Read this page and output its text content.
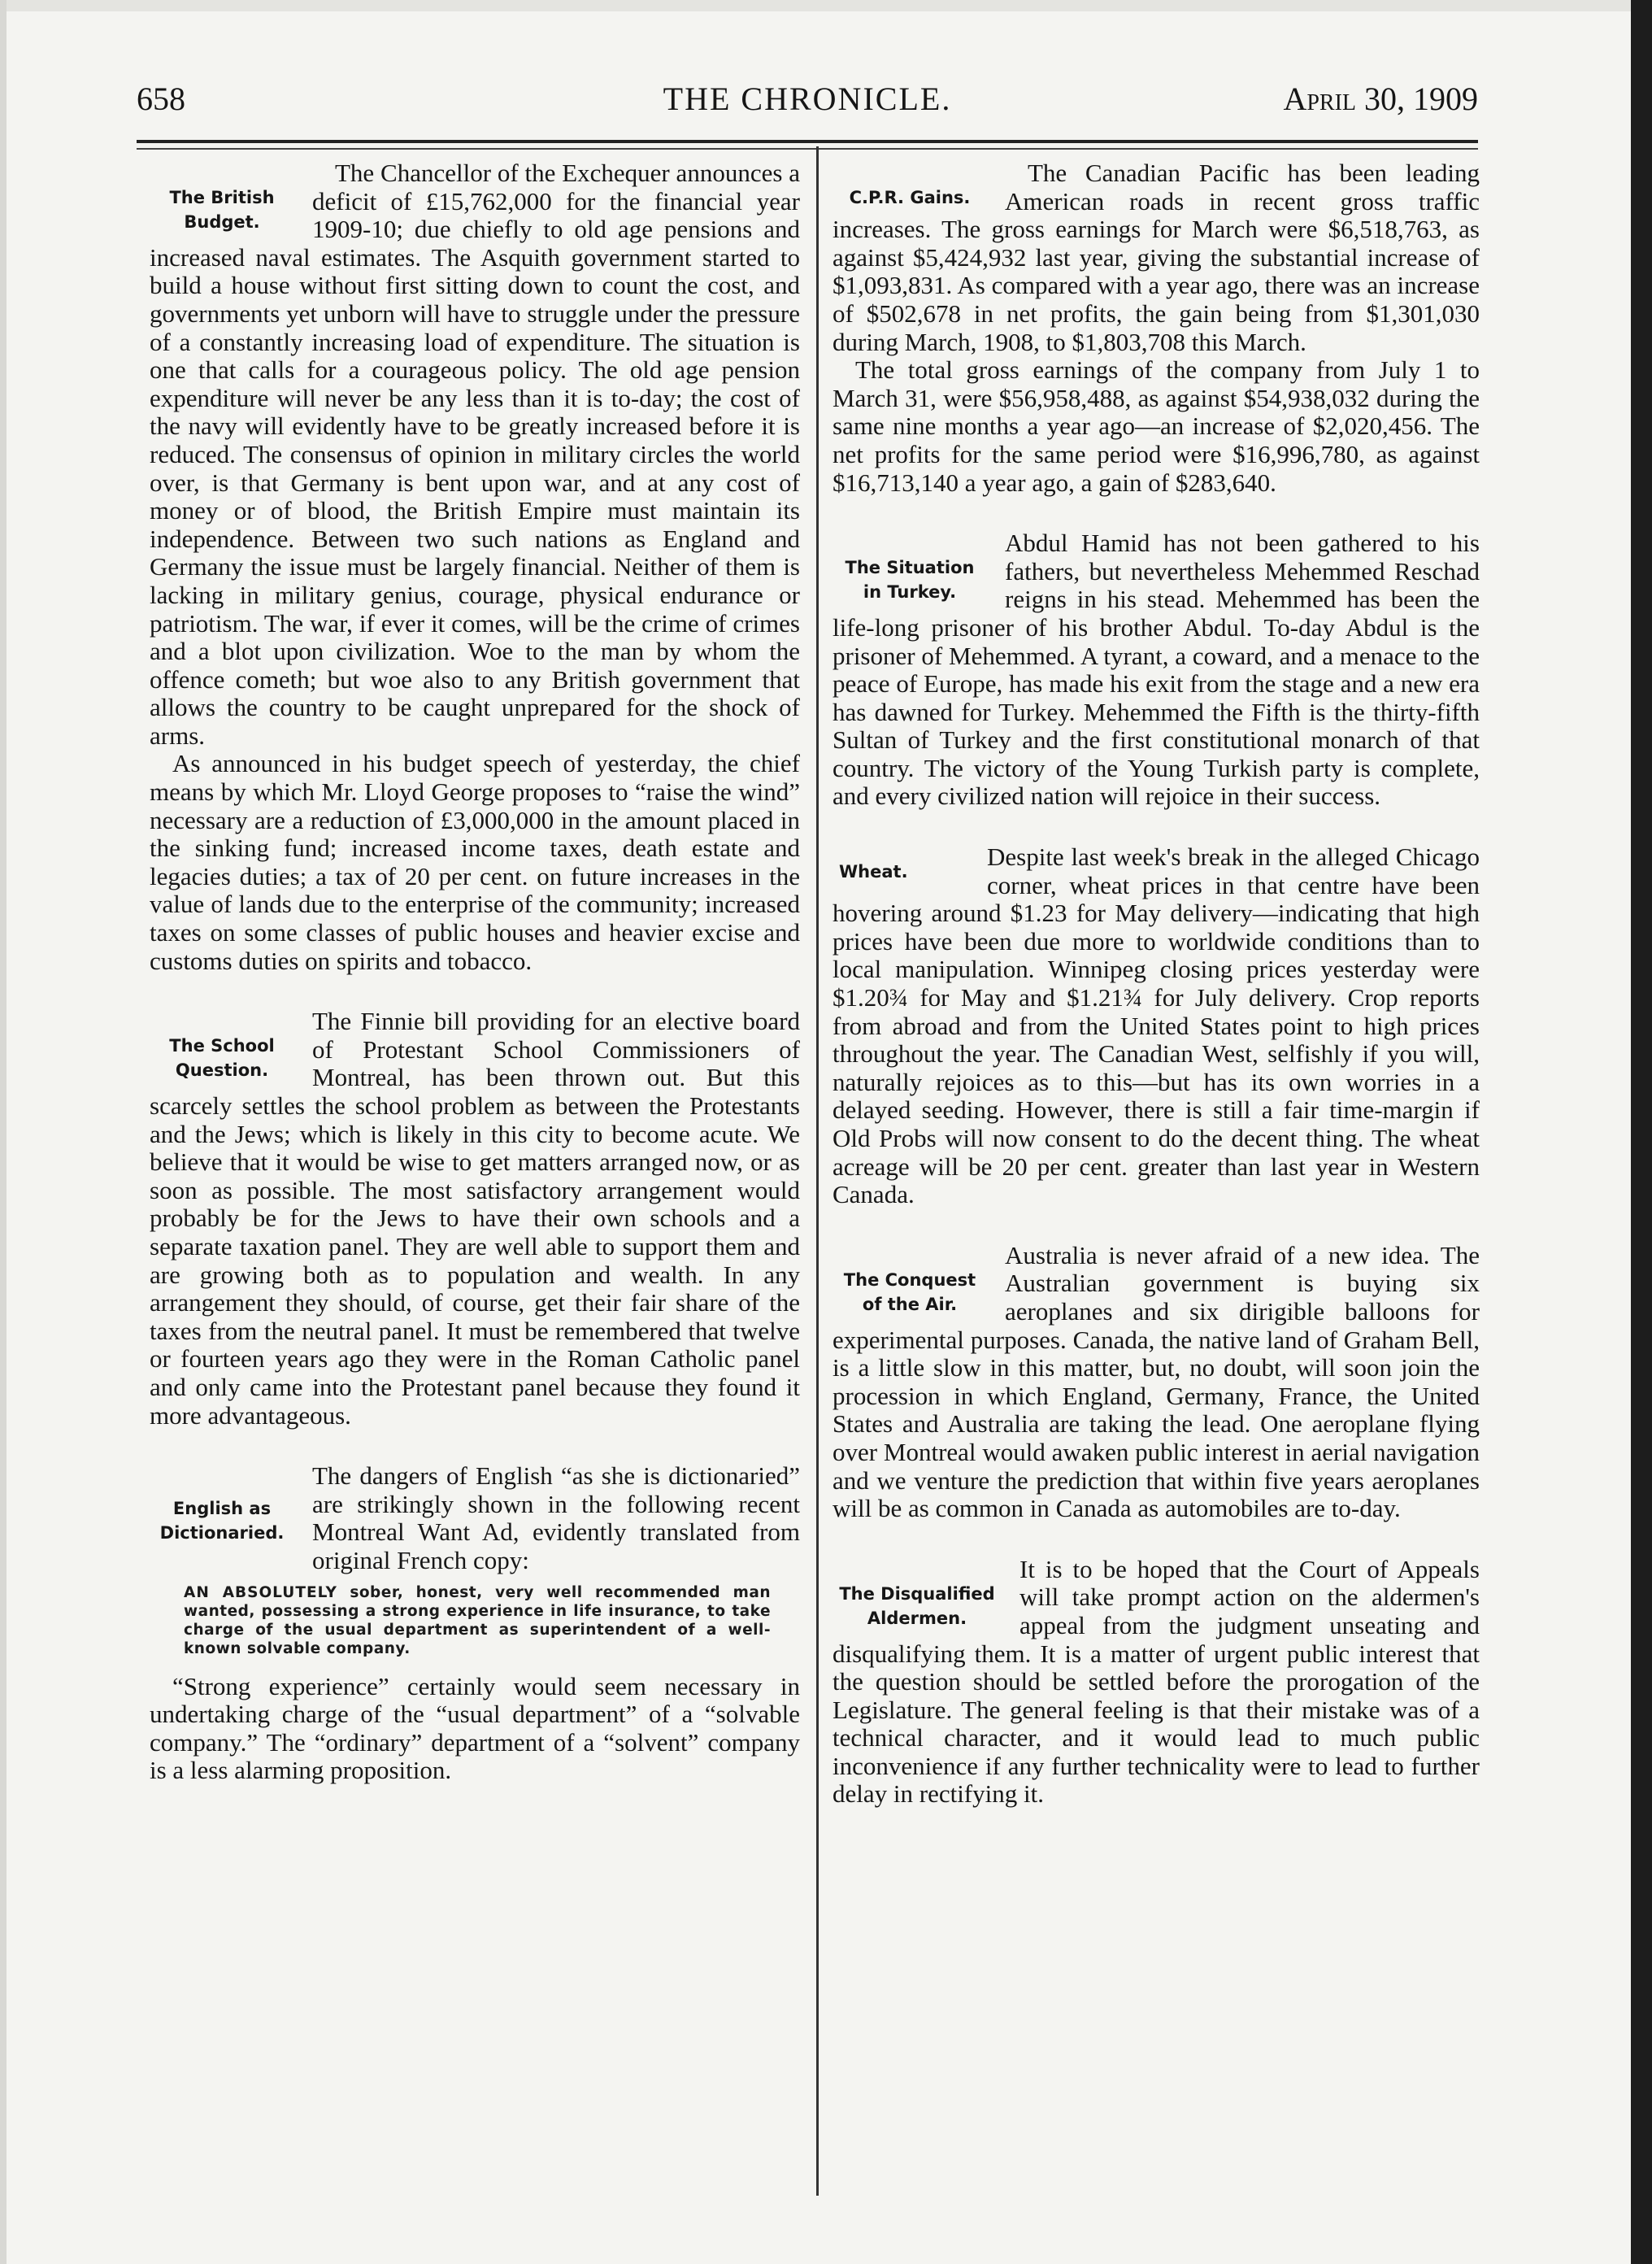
658	THE CHRONICLE.	April 30, 1909
The British Budget.

The Chancellor of the Exchequer announces a deficit of £15,762,000 for the financial year 1909-10; due chiefly to old age pensions and increased naval estimates. The Asquith government started to build a house without first sitting down to count the cost, and governments yet unborn will have to struggle under the pressure of a constantly increasing load of expenditure. The situation is one that calls for a courageous policy. The old age pension expenditure will never be any less than it is to-day; the cost of the navy will evidently have to be greatly increased before it is reduced. The consensus of opinion in military circles the world over, is that Germany is bent upon war, and at any cost of money or of blood, the British Empire must maintain its independence. Between two such nations as England and Germany the issue must be largely financial. Neither of them is lacking in military genius, courage, physical endurance or patriotism. The war, if ever it comes, will be the crime of crimes and a blot upon civilization. Woe to the man by whom the offence cometh; but woe also to any British government that allows the country to be caught unprepared for the shock of arms.

As announced in his budget speech of yesterday, the chief means by which Mr. Lloyd George proposes to “raise the wind” necessary are a reduction of £3,000,000 in the amount placed in the sinking fund; increased income taxes, death estate and legacies duties; a tax of 20 per cent. on future increases in the value of lands due to the enterprise of the community; increased taxes on some classes of public houses and heavier excise and customs duties on spirits and tobacco.

The School
Question.

The Finnie bill providing for an elective board of Protestant School Commissioners of Montreal, has been thrown out. But this scarcely settles the school problem as between the Protestants and the Jews; which is likely in this city to become acute. We believe that it would be wise to get matters arranged now, or as soon as possible. The most satisfactory arrangement would probably be for the Jews to have their own schools and a separate taxation panel. They are well able to support them and are growing both as to population and wealth. In any arrangement they should, of course, get their fair share of the taxes from the neutral panel. It must be remembered that twelve or fourteen years ago they were in the Roman Catholic panel and only came into the Protestant panel because they found it more advantageous.

English as
Dictionaried.

The dangers of English “as she is dictionaried” are strikingly shown in the following recent Montreal Want Ad, evidently translated from original French copy:

AN ABSOLUTELY sober, honest, very well recommended man wanted, possessing a strong experience in life insurance, to take charge of the usual department as superintendent of a well-known solvable company.

“Strong experience” certainly would seem necessary in undertaking charge of the “usual department” of a “solvable company.” The “ordinary” department of a “solvent” company is a less alarming proposition.

C.P.R. Gains.

The Canadian Pacific has been leading American roads in recent gross traffic increases. The gross earnings for March were $6,518,763, as against $5,424,932 last year, giving the substantial increase of $1,093,831. As compared with a year ago, there was an increase of $502,678 in net profits, the gain being from $1,301,030 during March, 1908, to $1,803,708 this March.

The total gross earnings of the company from July 1 to March 31, were $56,958,488, as against $54,938,032 during the same nine months a year ago—an increase of $2,020,456. The net profits for the same period were $16,996,780, as against $16,713,140 a year ago, a gain of $283,640.

The Situation
in Turkey.

Abdul Hamid has not been gathered to his fathers, but nevertheless Mehemmed Reschad reigns in his stead. Mehemmed has been the life-long prisoner of his brother Abdul. To-day Abdul is the prisoner of Mehemmed. A tyrant, a coward, and a menace to the peace of Europe, has made his exit from the stage and a new era has dawned for Turkey. Mehemmed the Fifth is the thirty-fifth Sultan of Turkey and the first constitutional monarch of that country. The victory of the Young Turkish party is complete, and every civilized nation will rejoice in their success.

Wheat.

Despite last week's break in the alleged Chicago corner, wheat prices in that centre have been hovering around $1.23 for May delivery—indicating that high prices have been due more to worldwide conditions than to local manipulation. Winnipeg closing prices yesterday were $1.20¾ for May and $1.21¾ for July delivery. Crop reports from abroad and from the United States point to high prices throughout the year. The Canadian West, selfishly if you will, naturally rejoices as to this—but has its own worries in a delayed seeding. However, there is still a fair time-margin if Old Probs will now consent to do the decent thing. The wheat acreage will be 20 per cent. greater than last year in Western Canada.

The Conquest
of the Air.

Australia is never afraid of a new idea. The Australian government is buying six aeroplanes and six dirigible balloons for experimental purposes. Canada, the native land of Graham Bell, is a little slow in this matter, but, no doubt, will soon join the procession in which England, Germany, France, the United States and Australia are taking the lead. One aeroplane flying over Montreal would awaken public interest in aerial navigation and we venture the prediction that within five years aeroplanes will be as common in Canada as automobiles are to-day.

The Disqualified
Aldermen.

It is to be hoped that the Court of Appeals will take prompt action on the aldermen's appeal from the judgment unseating and disqualifying them. It is a matter of urgent public interest that the question should be settled before the prorogation of the Legislature. The general feeling is that their mistake was of a technical character, and it would lead to much public inconvenience if any further technicality were to lead to further delay in rectifying it.
